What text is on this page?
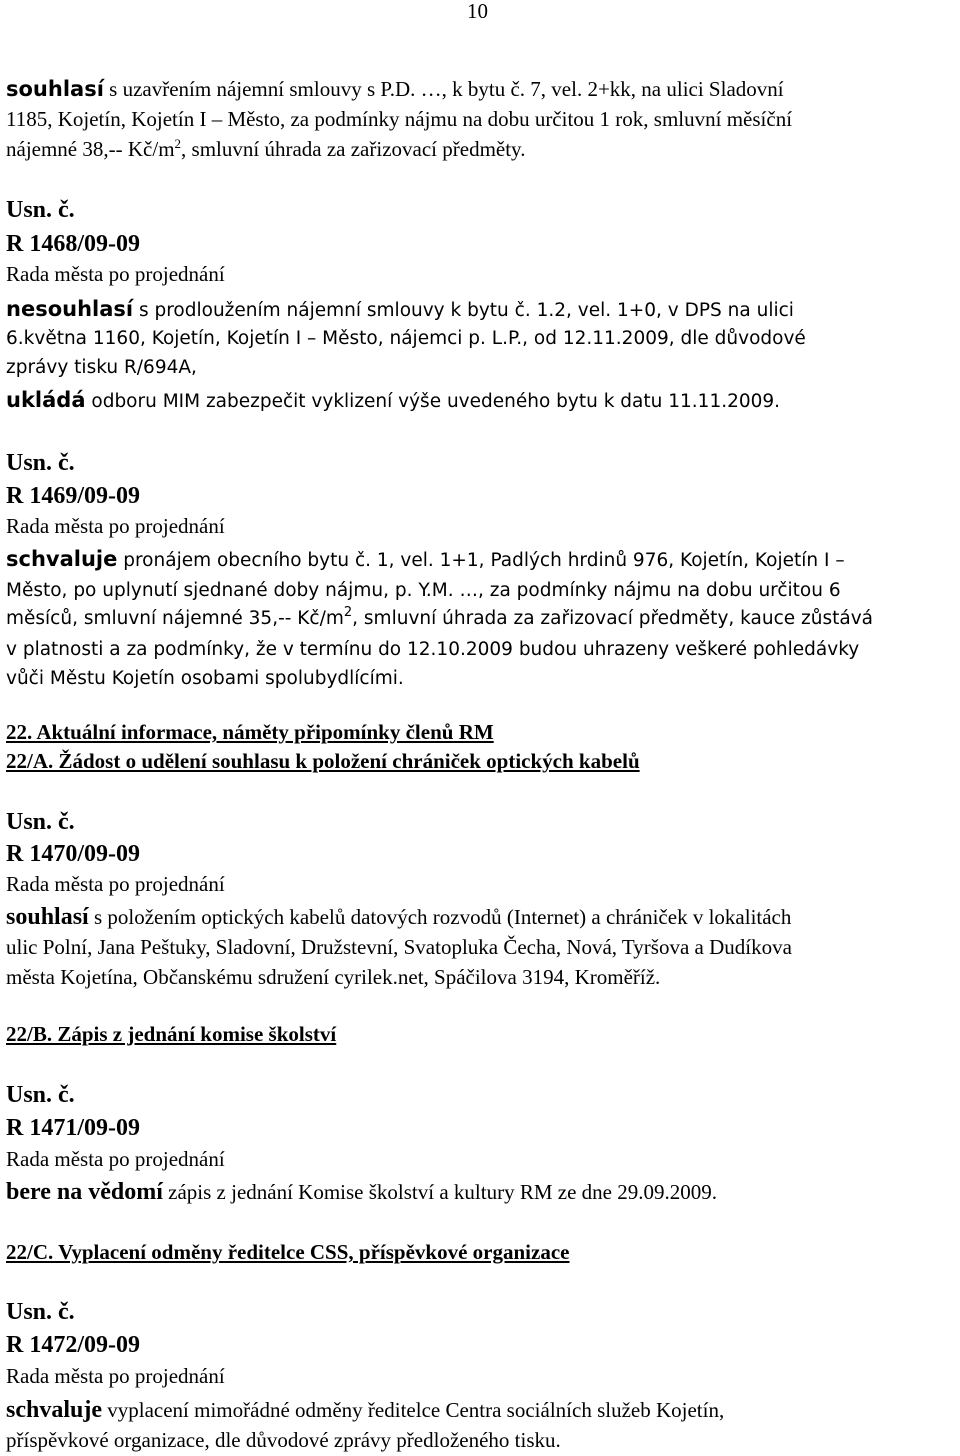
10
souhlasí s uzavřením nájemní smlouvy s P.D. …, k bytu č. 7, vel. 2+kk, na ulici Sladovní
1185, Kojetín, Kojetín I – Město, za podmínky nájmu na dobu určitou 1 rok, smluvní měsíční
nájemné 38,-- $Kč/m^2$, smluvní úhrada za zařizovací předměty.
Usn. č.
R 1468/09-09
Rada města po projednání
nesouhlasí s prodloužením nájemní smlouvy k bytu č. 1.2, vel. 1+0, v DPS na ulici
6.května 1160, Kojetín, Kojetín I – Město, nájemci p. L.P., od 12.11.2009, dle důvodové
zprávy tisku R/694A,
ukládá odboru MIM zabezpečit vyklizení výše uvedeného bytu k datu 11.11.2009.
Usn. č.
R 1469/09-09
Rada města po projednání
schvaluje pronájem obecního bytu č. 1, vel. 1+1, Padlých hrdinů 976, Kojetín, Kojetín I –
Město, po uplynutí sjednané doby nájmu, p. Y.M. …, za podmínky nájmu na dobu určitou 6
měsíců, smluvní nájemné 35,-- $Kč/m^2$, smluvní úhrada za zařizovací předměty, kauce zůstává
v platnosti a za podmínky, že v termínu do 12.10.2009 budou uhrazeny veškeré pohledávky
vůči Městu Kojetín osobami spolubydlícími.
22. Aktuální informace, náměty připomínky členů RM
22/A. Žádost o udělení souhlasu k položení chrániček optických kabelů
Usn. č.
R 1470/09-09
Rada města po projednání
souhlasí s položením optických kabelů datových rozvodů (Internet) a chrániček v lokalitách
ulic Polní, Jana Peštuky, Sladovní, Družstevní, Svatopluka Čecha, Nová, Tyršova a Dudíkova
města Kojetína, Občanskému sdružení cyrilek.net, Spáčilova 3194, Kroměříž.
22/B. Zápis z jednání komise školství
Usn. č.
R 1471/09-09
Rada města po projednání
bere na vědomí zápis z jednání Komise školství a kultury RM ze dne 29.09.2009.
22/C. Vyplacení odměny ředitelce CSS, příspěvkové organizace
Usn. č.
R 1472/09-09
Rada města po projednání
schvaluje vyplacení mimořádné odměny ředitelce Centra sociálních služeb Kojetín,
příspěvkové organizace, dle důvodové zprávy předloženého tisku.
